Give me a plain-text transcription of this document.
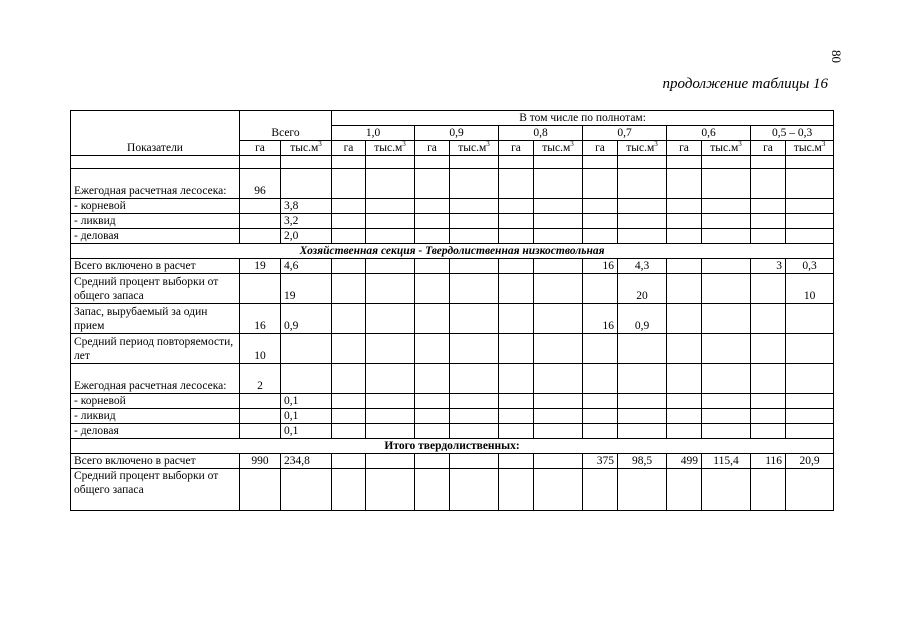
80
продолжение таблицы 16
Показатели	Всего		В том числе по полнотам:											
			1,0		0,9		0,8		0,7		0,6		0,5 – 0,3	
	га	$тыс.м^3$	га	$тыс.м^3$	га	$тыс.м^3$	га	$тыс.м^3$	га	$тыс.м^3$	га	$тыс.м^3$	га	$тыс.м^3$

Ежегодная расчетная лесосека:	96													
- корневой		3,8												
- ликвид		3,2												
- деловая		2,0												
Хозяйственная секция - Твердолиственная низкоствольная														
Всего включено в расчет	19	4,6							16	4,3			3	0,3
Средний процент выборки от общего запаса		19								20				10
Запас, вырубаемый за один прием	16	0,9							16	0,9				
Средний период повторяемости, лет	10													
Ежегодная расчетная лесосека:	2													
- корневой		0,1												
- ликвид		0,1												
- деловая		0,1												
Итого твердолиственных:														
Всего включено в расчет	990	234,8							375	98,5	499	115,4	116	20,9
Средний процент выборки от общего запаса														
